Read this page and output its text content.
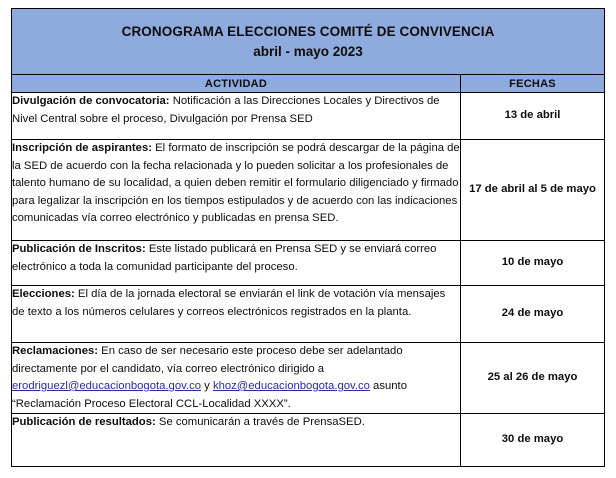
CRONOGRAMA ELECCIONES COMITÉ DE CONVIVENCIA
abril - mayo 2023	

ACTIVIDAD	FECHAS
Divulgación de convocatoria: Notificación a las Direcciones Locales y Directivos de Nivel Central sobre el proceso, Divulgación por Prensa SED	13 de abril
Inscripción de aspirantes: El formato de inscripción se podrá descargar de la página de la SED de acuerdo con la fecha relacionada y lo pueden solicitar a los profesionales de talento humano de su localidad, a quien deben remitir el formulario diligenciado y firmado para legalizar la inscripción en los tiempos estipulados y de acuerdo con las indicaciones comunicadas vía correo electrónico y publicadas en prensa SED.	17 de abril al 5 de mayo
Publicación de Inscritos: Este listado publicará en Prensa SED y se enviará correo electrónico a toda la comunidad participante del proceso.	10 de mayo
Elecciones: El día de la jornada electoral se enviarán el link de votación vía mensajes de texto a los números celulares y correos electrónicos registrados en la planta.	24 de mayo
Reclamaciones: En caso de ser necesario este proceso debe ser adelantado directamente por el candidato, vía correo electrónico dirigido a erodriguezl@educacionbogota.gov.co y khoz@educacionbogota.gov.co asunto “Reclamación Proceso Electoral CCL-Localidad XXXX”.	25 al 26 de mayo
Publicación de resultados: Se comunicarán a través de PrensaSED.	30 de mayo
